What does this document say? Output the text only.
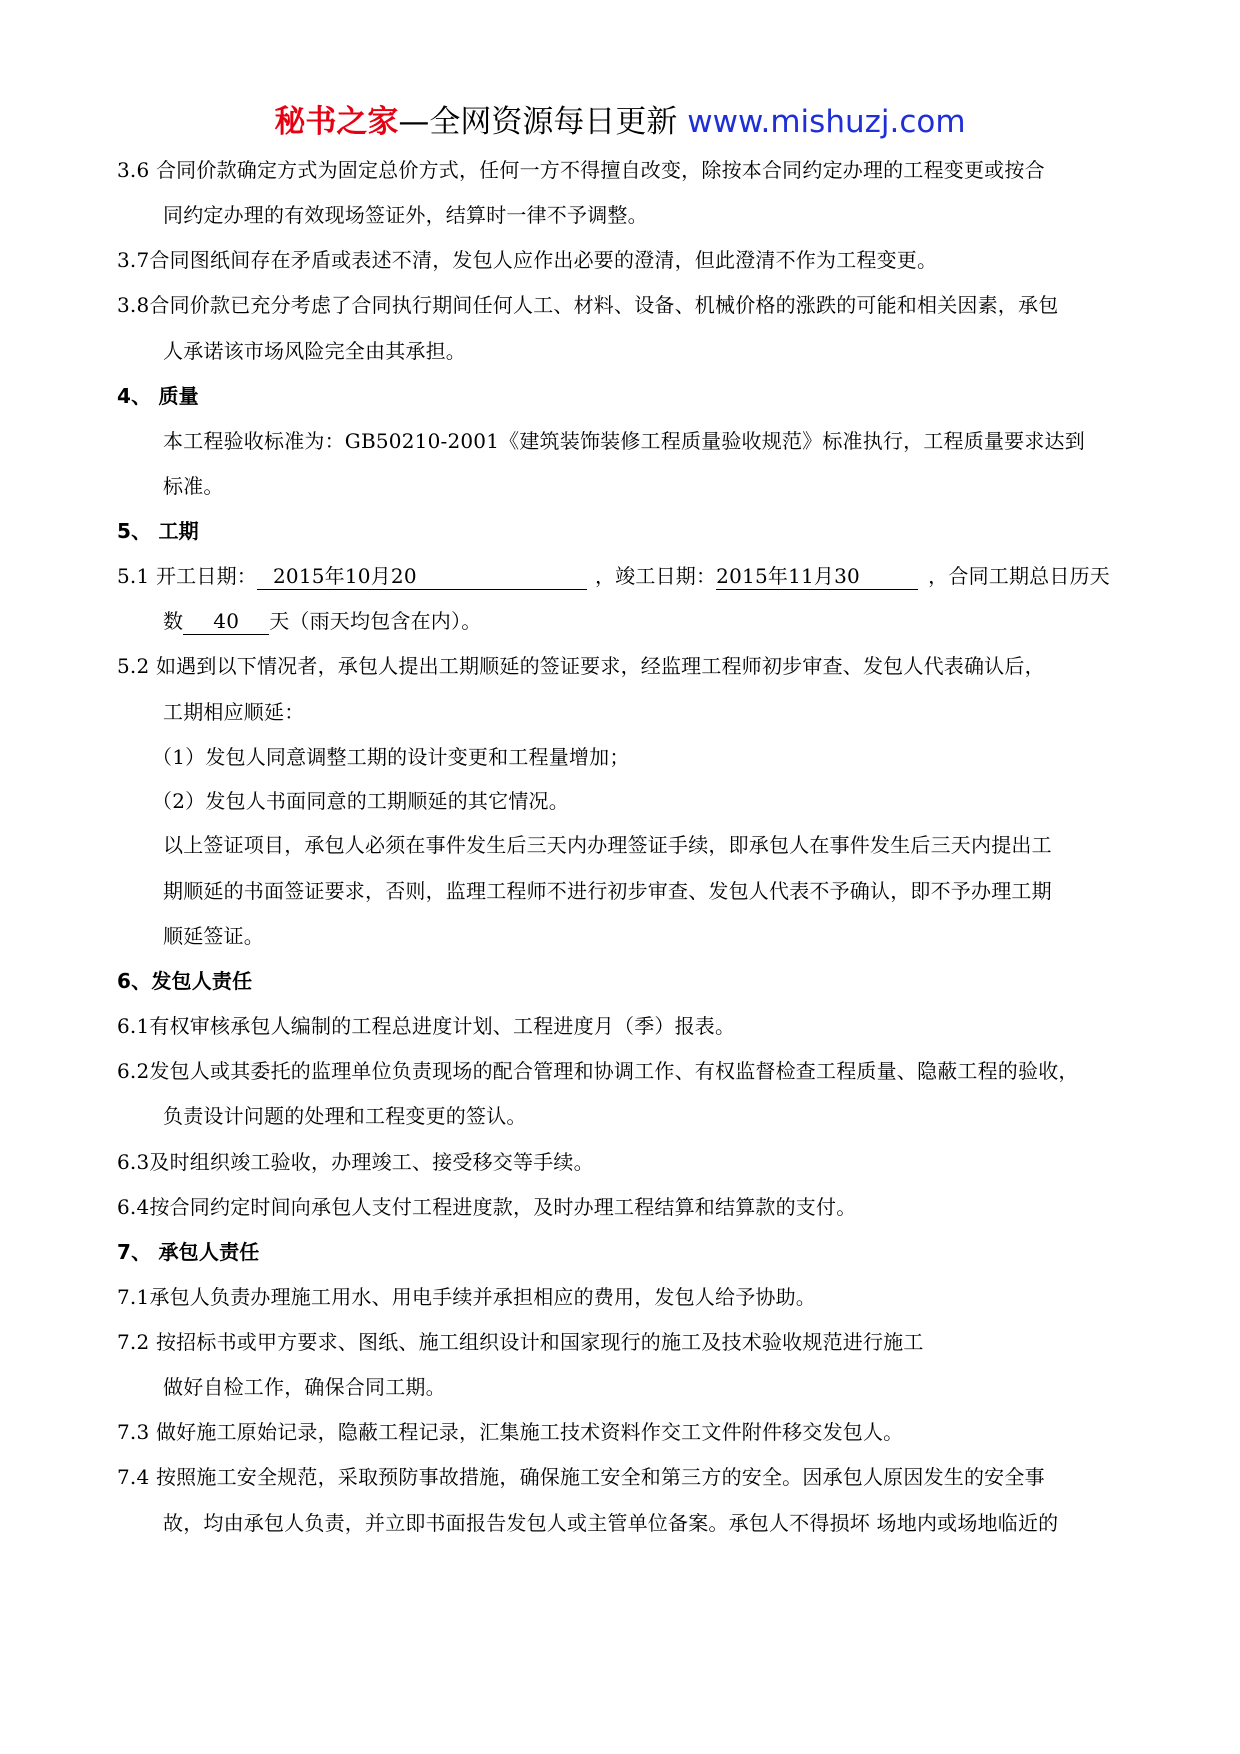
秘书之家—全网资源每日更新 www.mishuzj.com
3.6 合同价款确定方式为固定总价方式，任何一方不得擅自改变，除按本合同约定办理的工程变更或按合
同约定办理的有效现场签证外，结算时一律不予调整。
3.7合同图纸间存在矛盾或表述不清，发包人应作出必要的澄清，但此澄清不作为工程变更。
3.8合同价款已充分考虑了合同执行期间任何人工、材料、设备、机械价格的涨跌的可能和相关因素，承包
人承诺该市场风险完全由其承担。
4、 质量
本工程验收标准为：GB50210-2001《建筑装饰装修工程质量验收规范》标准执行，工程质量要求达到
标准。
5、 工期
5.1 开工日期： 2015年10月20	，竣工日期：2015年11月30	，合同工期总日历天
数 40 天（雨天均包含在内）。
5.2 如遇到以下情况者，承包人提出工期顺延的签证要求，经监理工程师初步审查、发包人代表确认后，
工期相应顺延：
（1）发包人同意调整工期的设计变更和工程量增加；
（2）发包人书面同意的工期顺延的其它情况。
以上签证项目，承包人必须在事件发生后三天内办理签证手续，即承包人在事件发生后三天内提出工
期顺延的书面签证要求，否则，监理工程师不进行初步审查、发包人代表不予确认，即不予办理工期
顺延签证。
6、发包人责任
6.1有权审核承包人编制的工程总进度计划、工程进度月（季）报表。
6.2发包人或其委托的监理单位负责现场的配合管理和协调工作、有权监督检查工程质量、隐蔽工程的验收，
负责设计问题的处理和工程变更的签认。
6.3及时组织竣工验收，办理竣工、接受移交等手续。
6.4按合同约定时间向承包人支付工程进度款，及时办理工程结算和结算款的支付。
7、 承包人责任
7.1承包人负责办理施工用水、用电手续并承担相应的费用，发包人给予协助。
7.2 按招标书或甲方要求、图纸、施工组织设计和国家现行的施工及技术验收规范进行施工
做好自检工作，确保合同工期。
7.3 做好施工原始记录，隐蔽工程记录，汇集施工技术资料作交工文件附件移交发包人。
7.4 按照施工安全规范，采取预防事故措施，确保施工安全和第三方的安全。因承包人原因发生的安全事
故，均由承包人负责，并立即书面报告发包人或主管单位备案。承包人不得损坏 场地内或场地临近的
